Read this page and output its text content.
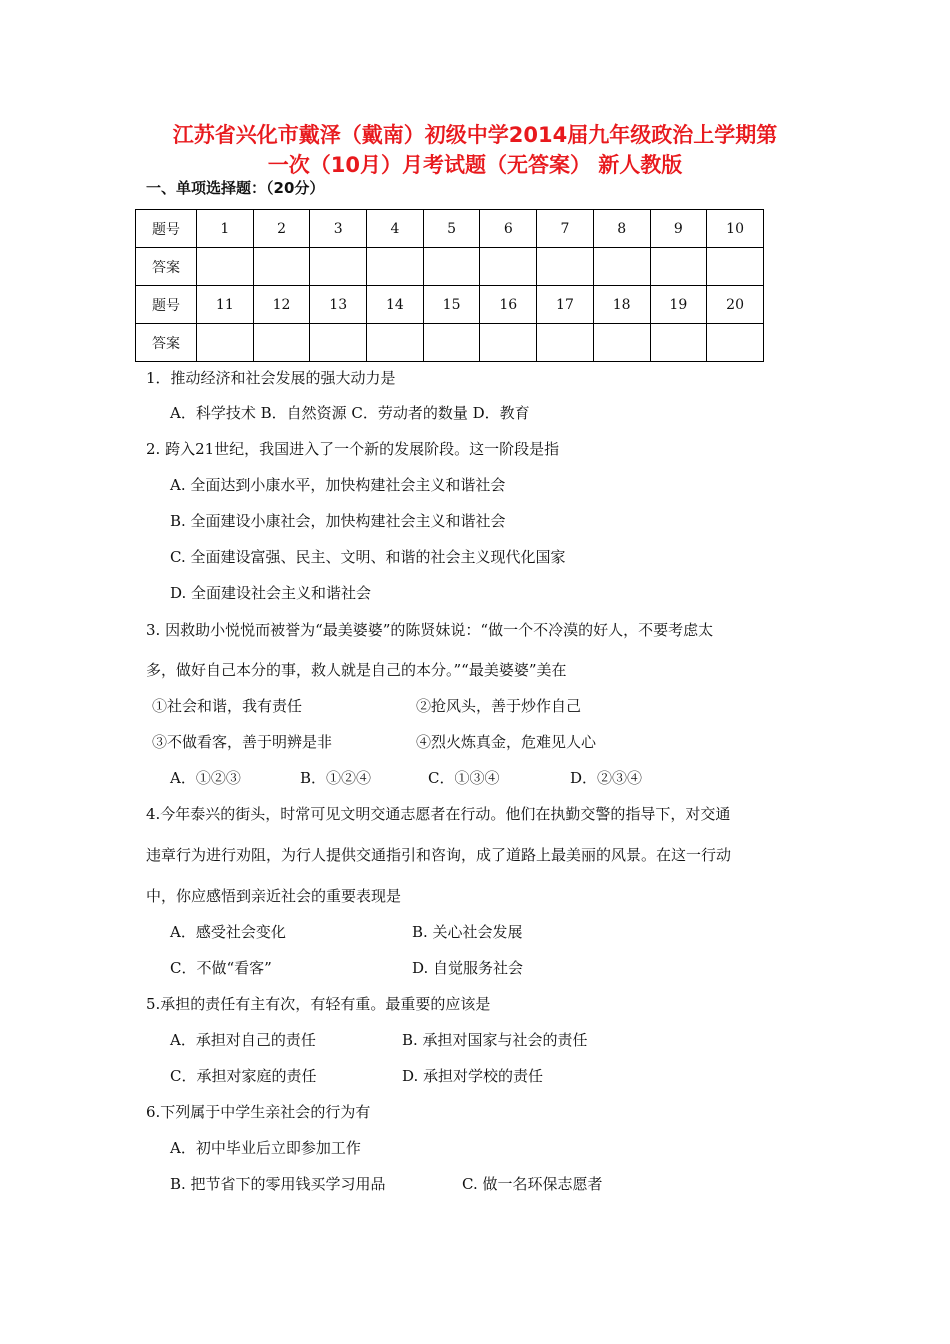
江苏省兴化市戴泽（戴南）初级中学2014届九年级政治上学期第
一次（10月）月考试题（无答案） 新人教版
一、单项选择题：（20分）
题号	1	2	3	4	5	6	7	8	9	10
答案										
题号	11	12	13	14	15	16	17	18	19	20
答案										
1．推动经济和社会发展的强大动力是
A．科学技术 B．自然资源 C．劳动者的数量 D．教育
2. 跨入21世纪，我国进入了一个新的发展阶段。这一阶段是指
A. 全面达到小康水平，加快构建社会主义和谐社会
B. 全面建设小康社会，加快构建社会主义和谐社会
C. 全面建设富强、民主、文明、和谐的社会主义现代化国家
D. 全面建设社会主义和谐社会
3. 因救助小悦悦而被誉为“最美婆婆”的陈贤妹说：“做一个不冷漠的好人，不要考虑太
多，做好自己本分的事，救人就是自己的本分。”“最美婆婆”美在
①社会和谐，我有责任	②抢风头，善于炒作自己
③不做看客，善于明辨是非	④烈火炼真金，危难见人心
A．①②③	B．①②④	C．①③④	D．②③④
4.今年泰兴的街头，时常可见文明交通志愿者在行动。他们在执勤交警的指导下，对交通
违章行为进行劝阻，为行人提供交通指引和咨询，成了道路上最美丽的风景。在这一行动
中，你应感悟到亲近社会的重要表现是
A．感受社会变化	B. 关心社会发展
C．不做“看客”	D. 自觉服务社会
5.承担的责任有主有次，有轻有重。最重要的应该是
A．承担对自己的责任	B. 承担对国家与社会的责任
C．承担对家庭的责任	D. 承担对学校的责任
6.下列属于中学生亲社会的行为有
A．初中毕业后立即参加工作
B. 把节省下的零用钱买学习用品	C. 做一名环保志愿者
